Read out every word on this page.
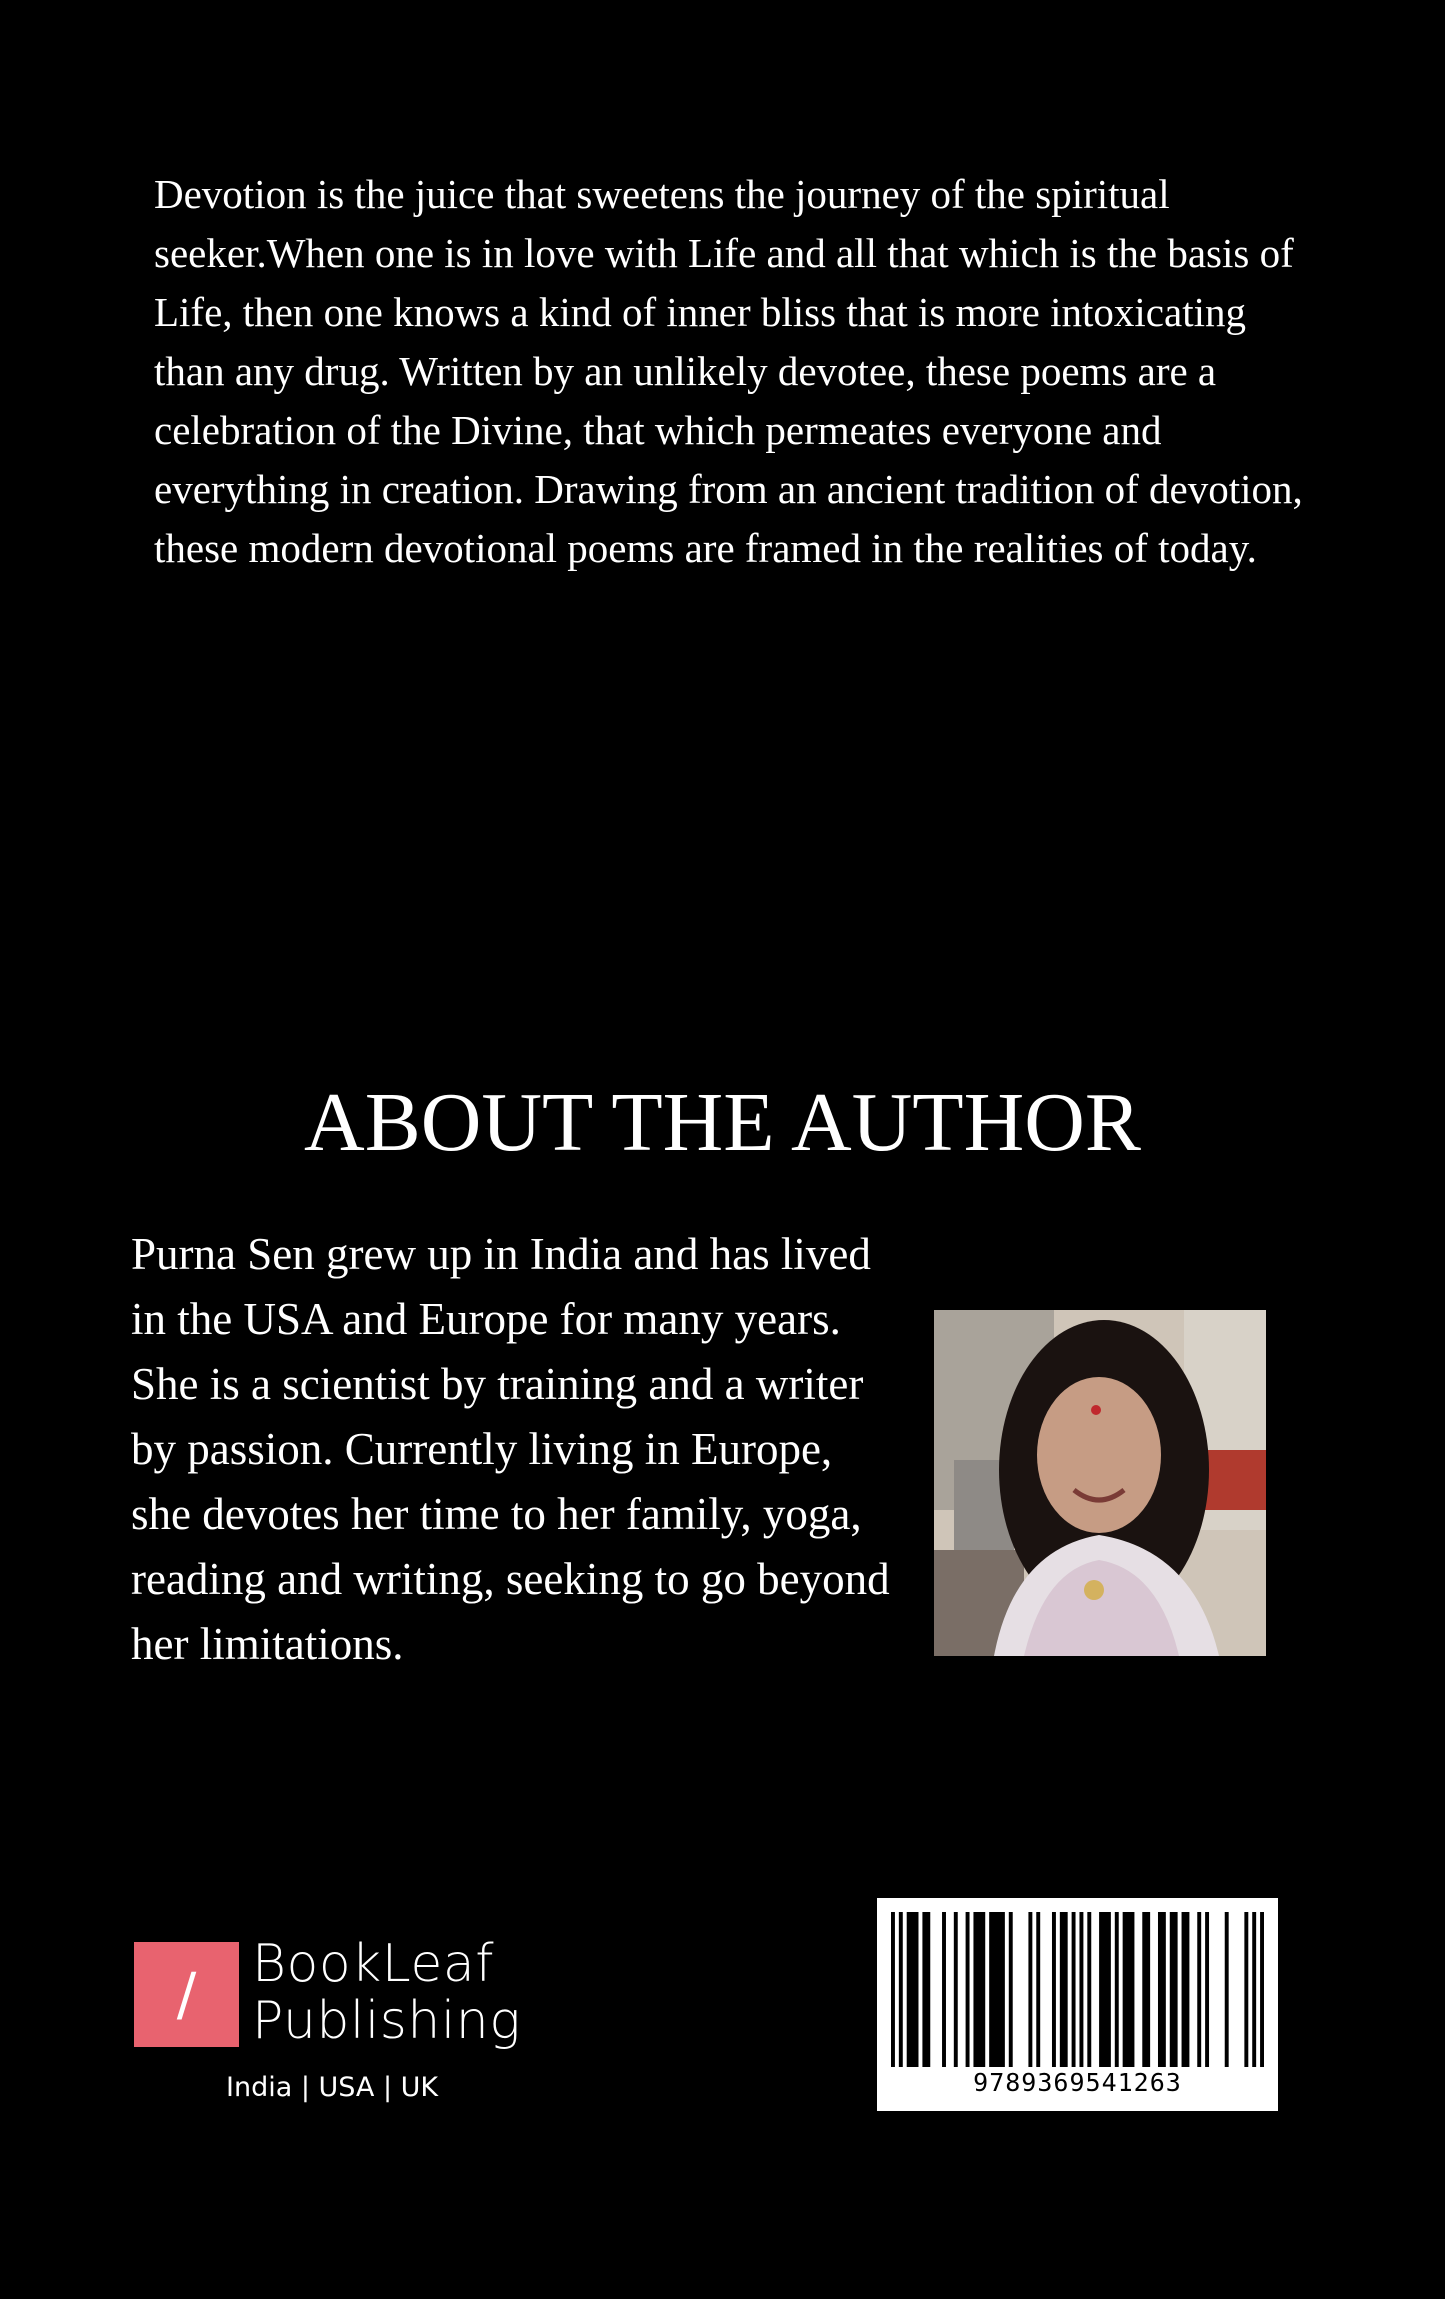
Devotion is the juice that sweetens the journey of the spiritual seeker.When one is in love with Life and all that which is the basis of Life, then one knows a kind of inner bliss that is more intoxicating than any drug. Written by an unlikely devotee, these poems are a celebration of the Divine, that which permeates everyone and everything in creation. Drawing from an ancient tradition of devotion, these modern devotional poems are framed in the realities of today.

ABOUT THE AUTHOR

Purna Sen grew up in India and has lived in the USA and Europe for many years. She is a scientist by training and a writer by passion. Currently living in Europe, she devotes her time to her family, yoga, reading and writing, seeking to go beyond her limitations.

/	BookLeaf
Publishing
India | USA | UK	9789369541263
